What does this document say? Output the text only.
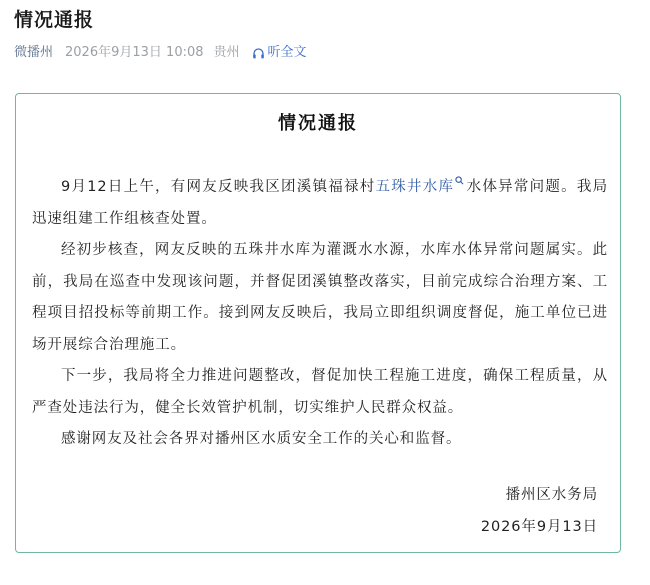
情况通报
微播州 2026年9月13日 10:08 贵州 听全文
情况通报

9月12日上午，有网友反映我区团溪镇福禄村五珠井水库 水体异常问题。我局迅速组建工作组核查处置。

经初步核查，网友反映的五珠井水库为灌溉水水源，水库水体异常问题属实。此前，我局在巡查中发现该问题，并督促团溪镇整改落实，目前完成综合治理方案、工程项目招投标等前期工作。接到网友反映后，我局立即组织调度督促，施工单位已进场开展综合治理施工。

下一步，我局将全力推进问题整改，督促加快工程施工进度，确保工程质量，从严查处违法行为，健全长效管护机制，切实维护人民群众权益。

感谢网友及社会各界对播州区水质安全工作的关心和监督。

播州区水务局
2026年9月13日
